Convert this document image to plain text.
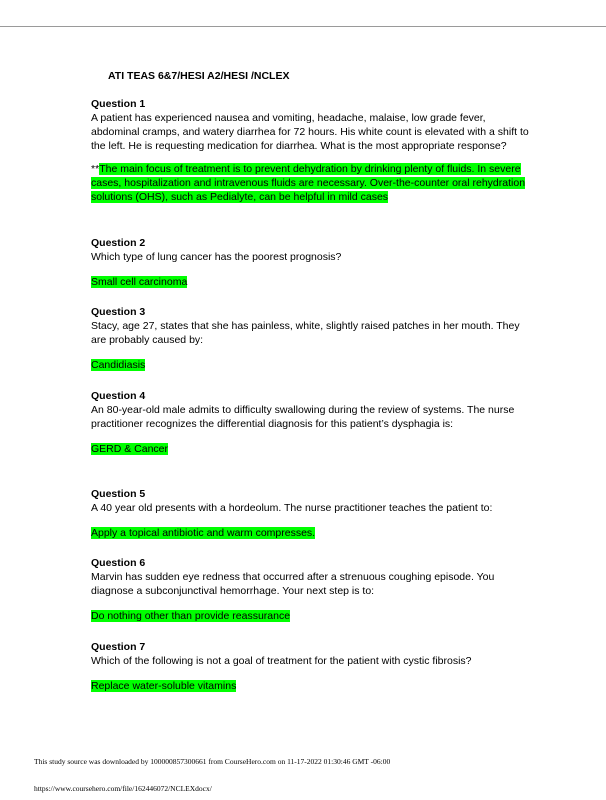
ATI TEAS 6&7/HESI A2/HESI /NCLEX
Question 1
A patient has experienced nausea and vomiting, headache, malaise, low grade fever, abdominal cramps, and watery diarrhea for 72 hours. His white count is elevated with a shift to the left. He is requesting medication for diarrhea. What is the most appropriate response?
**The main focus of treatment is to prevent dehydration by drinking plenty of fluids. In severe cases, hospitalization and intravenous fluids are necessary. Over-the-counter oral rehydration solutions (OHS), such as Pedialyte, can be helpful in mild cases
Question 2
Which type of lung cancer has the poorest prognosis?
Small cell carcinoma
Question 3
Stacy, age 27, states that she has painless, white, slightly raised patches in her mouth. They are probably caused by:
Candidiasis
Question 4
An 80-year-old male admits to difficulty swallowing during the review of systems. The nurse practitioner recognizes the differential diagnosis for this patient’s dysphagia is:
GERD & Cancer
Question 5
A 40 year old presents with a hordeolum. The nurse practitioner teaches the patient to:
Apply a topical antibiotic and warm compresses.
Question 6
Marvin has sudden eye redness that occurred after a strenuous coughing episode. You diagnose a subconjunctival hemorrhage. Your next step is to:
Do nothing other than provide reassurance
Question 7
Which of the following is not a goal of treatment for the patient with cystic fibrosis?
Replace water-soluble vitamins
This study source was downloaded by 100000857300661 from CourseHero.com on 11-17-2022 01:30:46 GMT -06:00
https://www.coursehero.com/file/162446072/NCLEXdocx/
